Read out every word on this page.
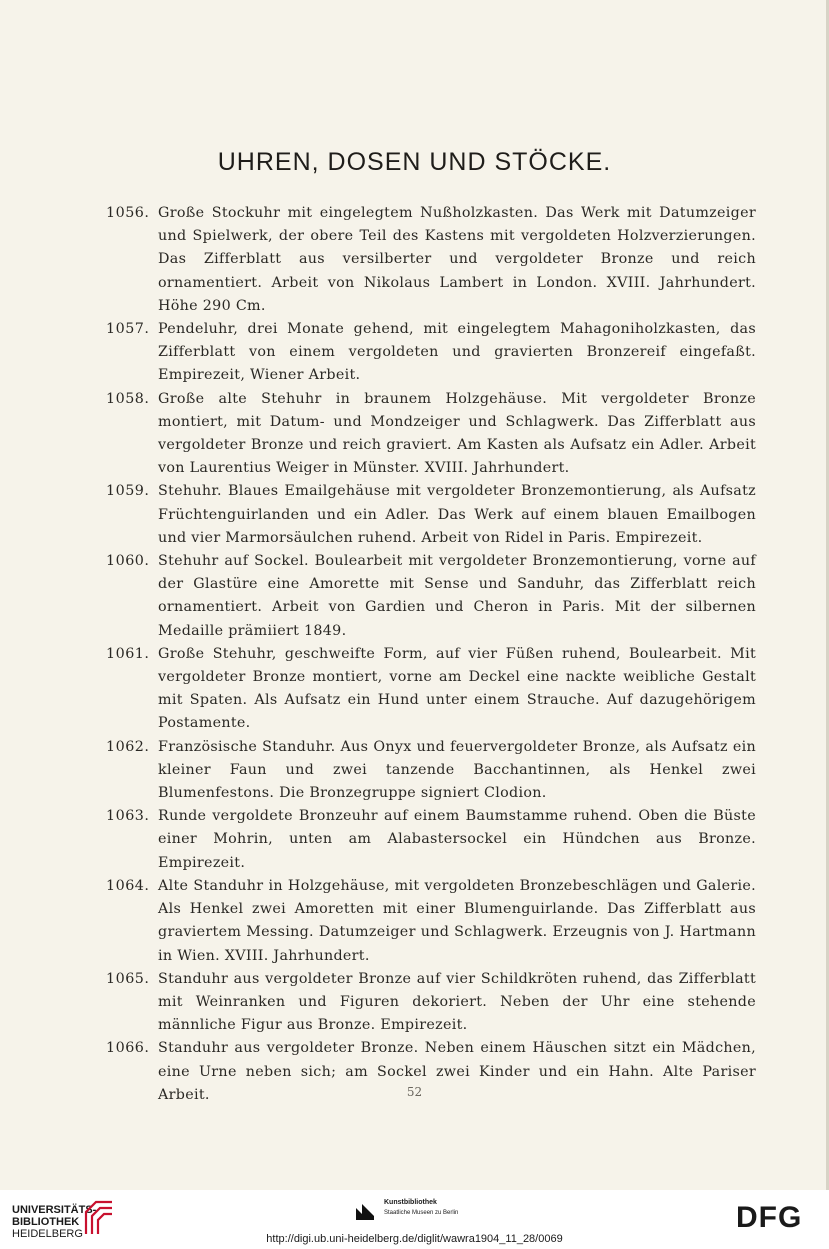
UHREN, DOSEN UND STÖCKE.

1056. Große Stockuhr mit eingelegtem Nußholzkasten. Das Werk mit Datumzeiger und Spielwerk, der obere Teil des Kastens mit vergoldeten Holzverzierungen. Das Zifferblatt aus versilberter und vergoldeter Bronze und reich ornamentiert. Arbeit von Nikolaus Lambert in London. XVIII. Jahrhundert. Höhe 290 Cm.

1057. Pendeluhr, drei Monate gehend, mit eingelegtem Mahagoniholzkasten, das Zifferblatt von einem vergoldeten und gravierten Bronzereif eingefaßt. Empirezeit, Wiener Arbeit.

1058. Große alte Stehuhr in braunem Holzgehäuse. Mit vergoldeter Bronze montiert, mit Datum- und Mondzeiger und Schlagwerk. Das Zifferblatt aus vergoldeter Bronze und reich graviert. Am Kasten als Aufsatz ein Adler. Arbeit von Laurentius Weiger in Münster. XVIII. Jahrhundert.

1059. Stehuhr. Blaues Emailgehäuse mit vergoldeter Bronzemontierung, als Aufsatz Früchtenguirlanden und ein Adler. Das Werk auf einem blauen Emailbogen und vier Marmorsäulchen ruhend. Arbeit von Ridel in Paris. Empirezeit.

1060. Stehuhr auf Sockel. Boulearbeit mit vergoldeter Bronzemontierung, vorne auf der Glastüre eine Amorette mit Sense und Sanduhr, das Zifferblatt reich ornamentiert. Arbeit von Gardien und Cheron in Paris. Mit der silbernen Medaille prämiiert 1849.

1061. Große Stehuhr, geschweifte Form, auf vier Füßen ruhend, Boulearbeit. Mit vergoldeter Bronze montiert, vorne am Deckel eine nackte weibliche Gestalt mit Spaten. Als Aufsatz ein Hund unter einem Strauche. Auf dazugehörigem Postamente.

1062. Französische Standuhr. Aus Onyx und feuervergoldeter Bronze, als Aufsatz ein kleiner Faun und zwei tanzende Bacchantinnen, als Henkel zwei Blumenfestons. Die Bronzegruppe signiert Clodion.

1063. Runde vergoldete Bronzeuhr auf einem Baumstamme ruhend. Oben die Büste einer Mohrin, unten am Alabastersockel ein Hündchen aus Bronze. Empirezeit.

1064. Alte Standuhr in Holzgehäuse, mit vergoldeten Bronzebeschlägen und Galerie. Als Henkel zwei Amoretten mit einer Blumenguirlande. Das Zifferblatt aus graviertem Messing. Datumzeiger und Schlagwerk. Erzeugnis von J. Hartmann in Wien. XVIII. Jahrhundert.

1065. Standuhr aus vergoldeter Bronze auf vier Schildkröten ruhend, das Zifferblatt mit Weinranken und Figuren dekoriert. Neben der Uhr eine stehende männliche Figur aus Bronze. Empirezeit.

1066. Standuhr aus vergoldeter Bronze. Neben einem Häuschen sitzt ein Mädchen, eine Urne neben sich; am Sockel zwei Kinder und ein Hahn. Alte Pariser Arbeit.	52
UNIVERSITÄTS-
BIBLIOTHEK
HEIDELBERG
Kunstbibliothek
Staatliche Museen zu Berlin	DFG
http://digi.ub.uni-heidelberg.de/diglit/wawra1904_11_28/0069
